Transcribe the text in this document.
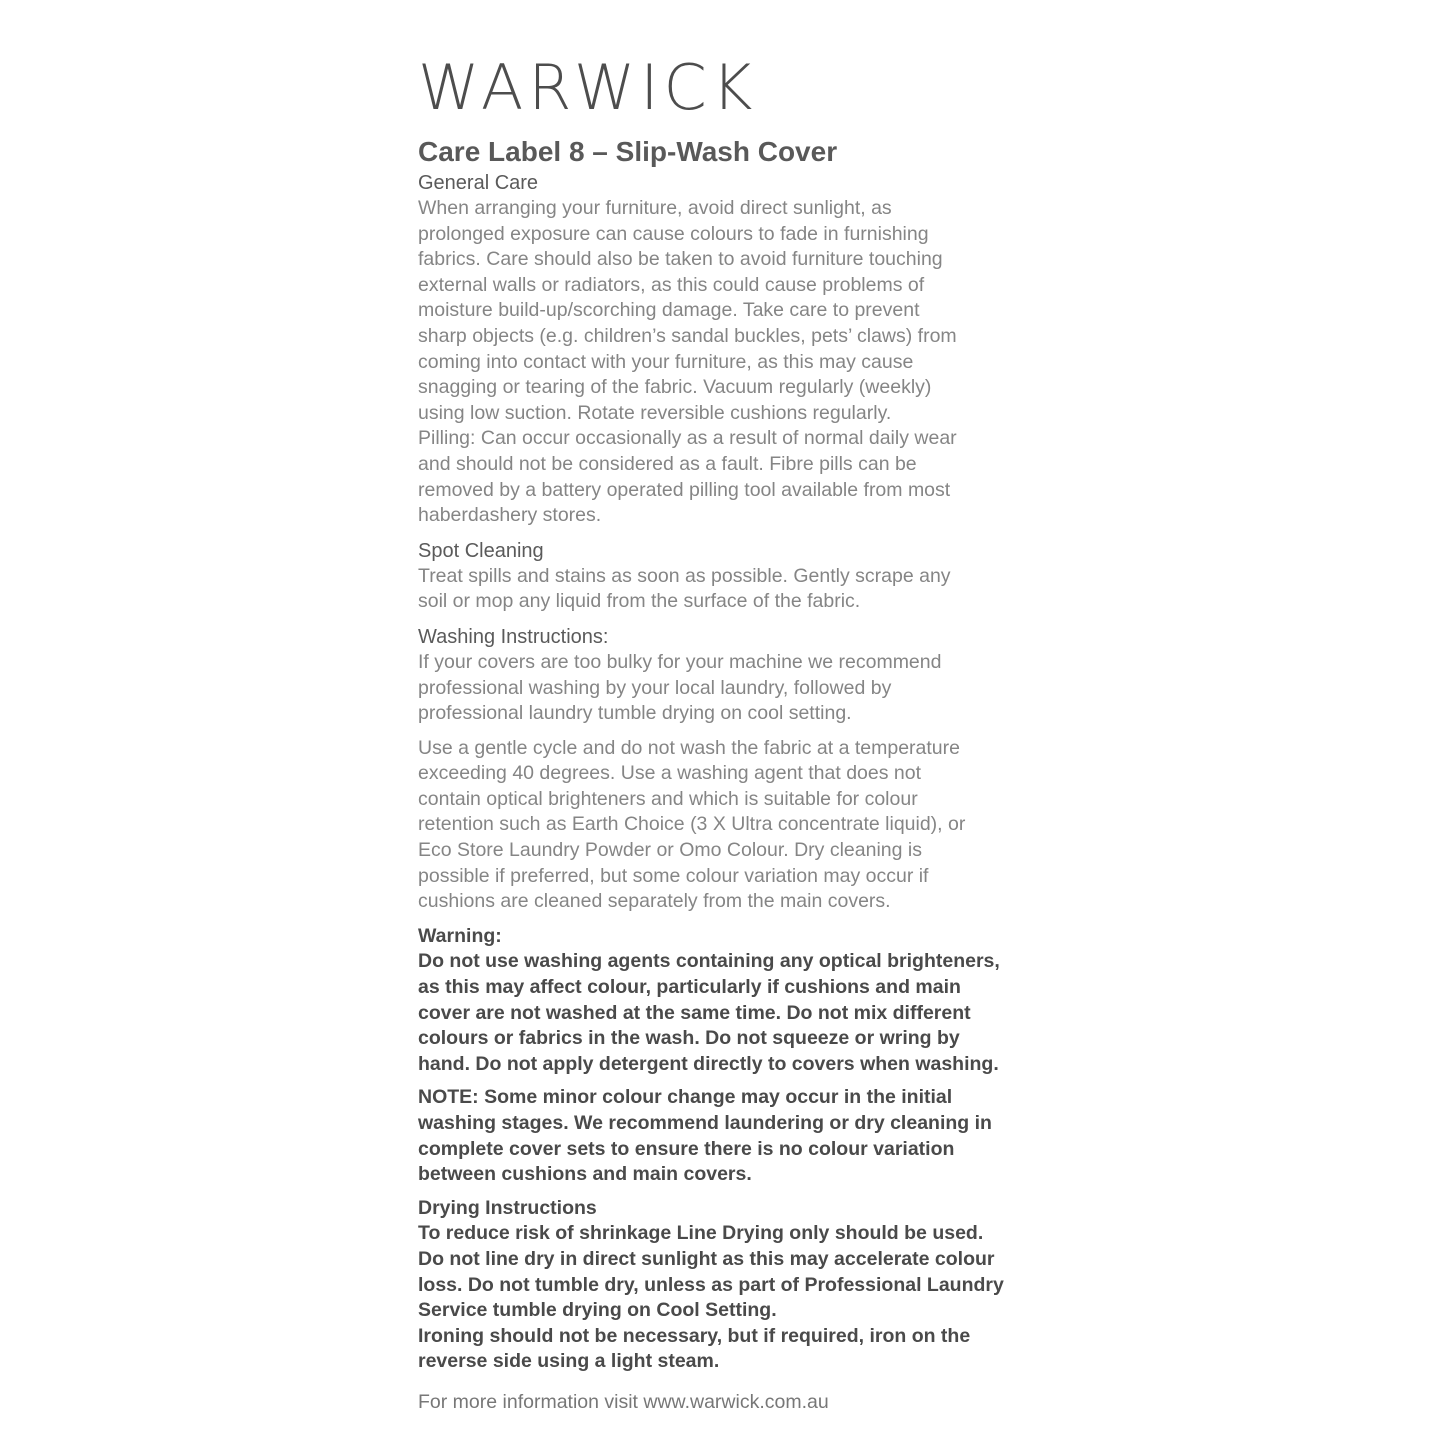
WARWICK
Care Label 8 – Slip-Wash Cover

General Care

When arranging your furniture, avoid direct sunlight, as
prolonged exposure can cause colours to fade in furnishing
fabrics. Care should also be taken to avoid furniture touching
external walls or radiators, as this could cause problems of
moisture build-up/scorching damage. Take care to prevent
sharp objects (e.g. children’s sandal buckles, pets’ claws) from
coming into contact with your furniture, as this may cause
snagging or tearing of the fabric. Vacuum regularly (weekly)
using low suction. Rotate reversible cushions regularly.
Pilling: Can occur occasionally as a result of normal daily wear
and should not be considered as a fault. Fibre pills can be
removed by a battery operated pilling tool available from most
haberdashery stores.

Spot Cleaning

Treat spills and stains as soon as possible. Gently scrape any
soil or mop any liquid from the surface of the fabric.

Washing Instructions:

If your covers are too bulky for your machine we recommend
professional washing by your local laundry, followed by
professional laundry tumble drying on cool setting.

Use a gentle cycle and do not wash the fabric at a temperature
exceeding 40 degrees. Use a washing agent that does not
contain optical brighteners and which is suitable for colour
retention such as Earth Choice (3 X Ultra concentrate liquid), or
Eco Store Laundry Powder or Omo Colour. Dry cleaning is
possible if preferred, but some colour variation may occur if
cushions are cleaned separately from the main covers.

Warning:

Do not use washing agents containing any optical brighteners,
as this may affect colour, particularly if cushions and main
cover are not washed at the same time. Do not mix different
colours or fabrics in the wash. Do not squeeze or wring by
hand. Do not apply detergent directly to covers when washing.

NOTE: Some minor colour change may occur in the initial
washing stages. We recommend laundering or dry cleaning in
complete cover sets to ensure there is no colour variation
between cushions and main covers.

Drying Instructions

To reduce risk of shrinkage Line Drying only should be used.
Do not line dry in direct sunlight as this may accelerate colour
loss. Do not tumble dry, unless as part of Professional Laundry
Service tumble drying on Cool Setting.
Ironing should not be necessary, but if required, iron on the
reverse side using a light steam.

For more information visit www.warwick.com.au
